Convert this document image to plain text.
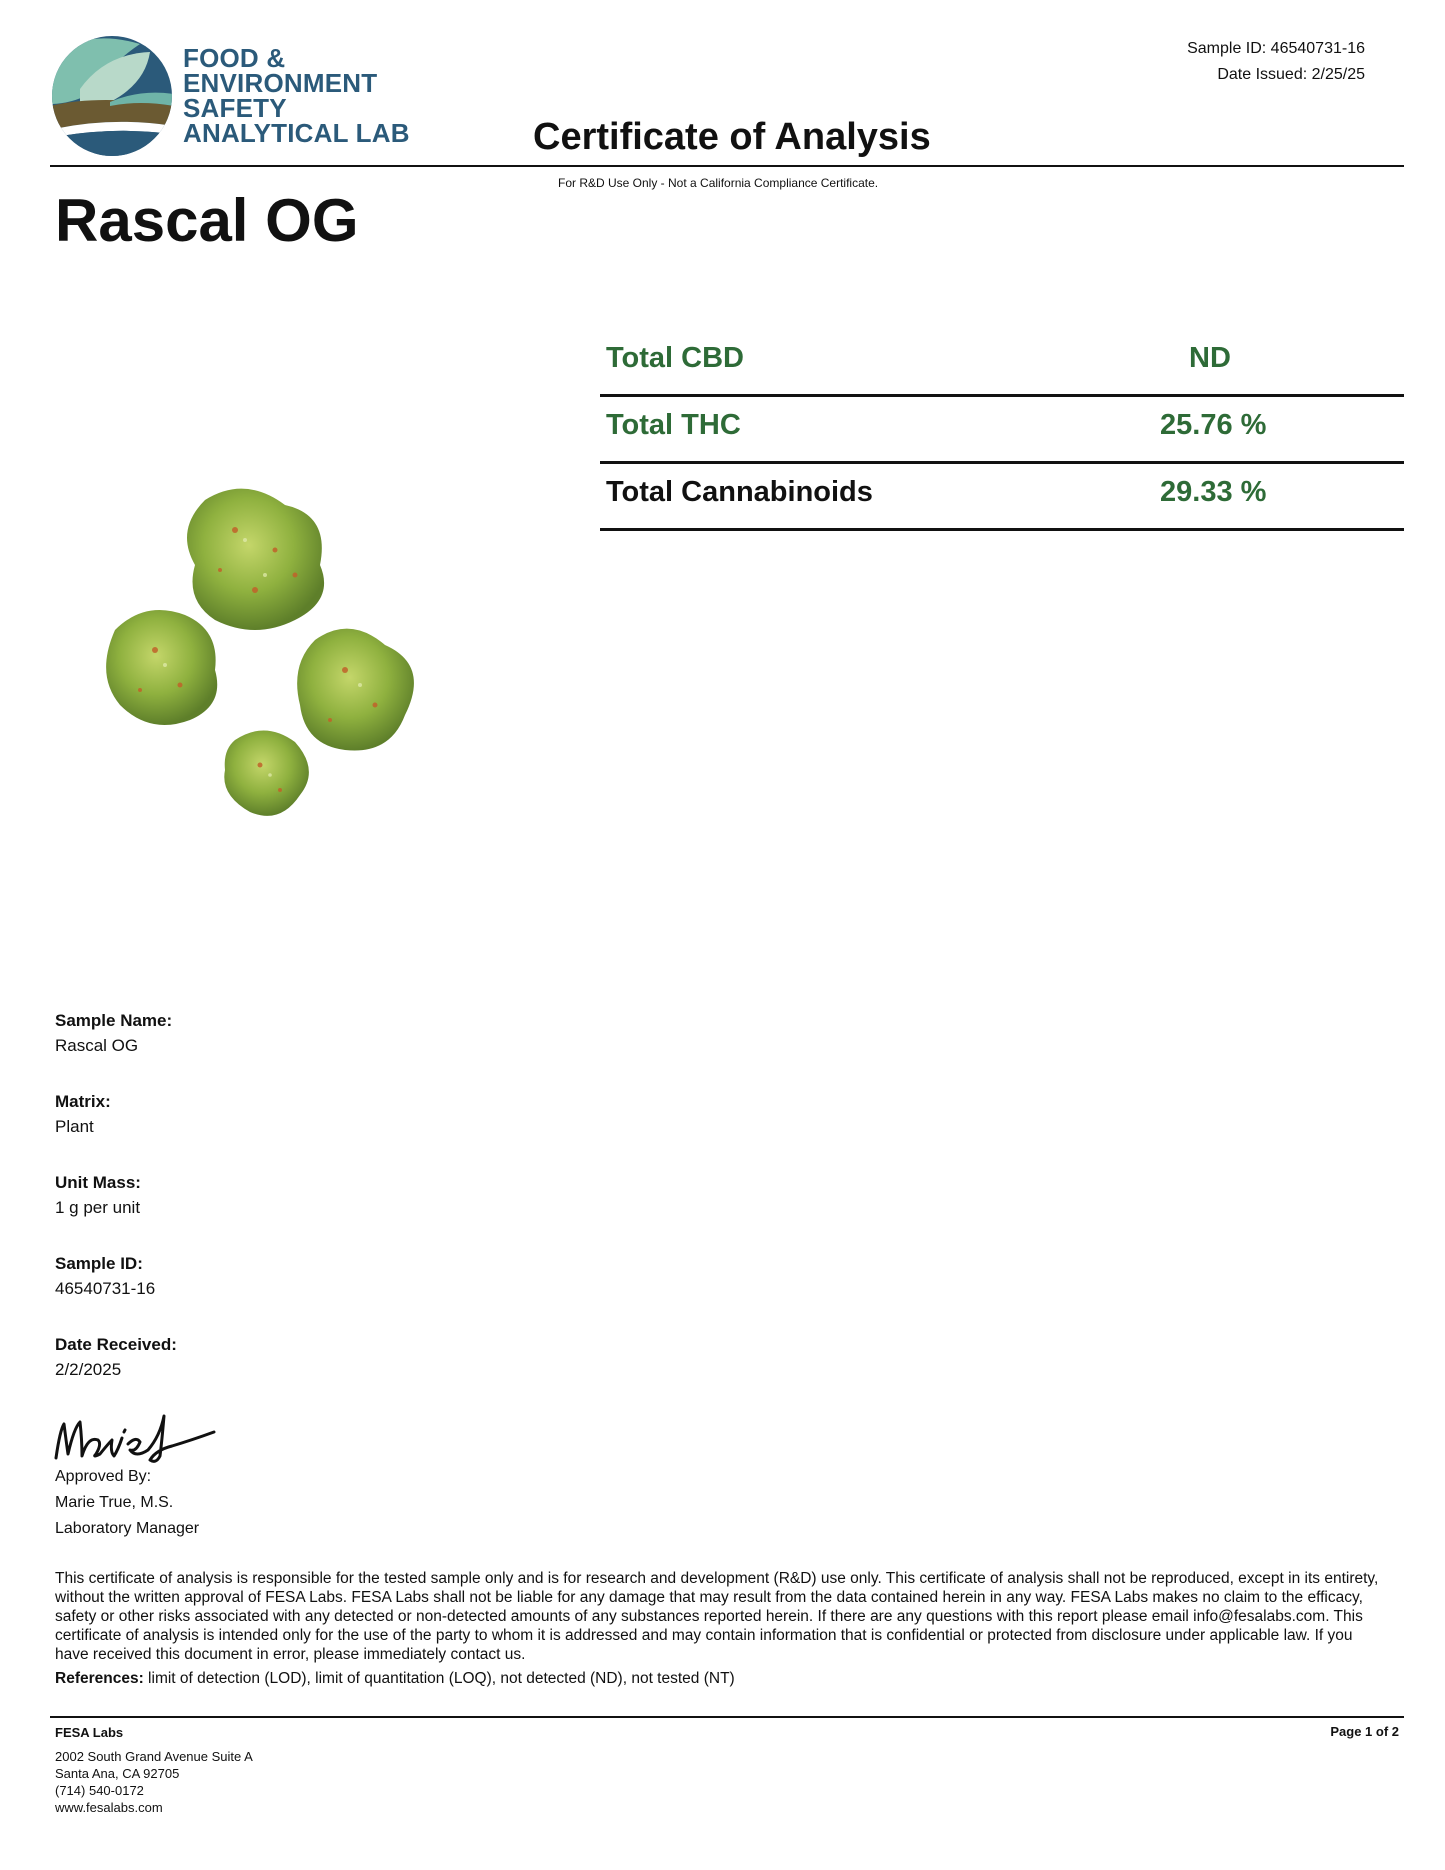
FOOD &
ENVIRONMENT
SAFETY
ANALYTICAL LAB
Sample ID: 46540731-16
Date Issued: 2/25/25
Certificate of Analysis
For R&D Use Only - Not a California Compliance Certificate.
Rascal OG
Total CBD	ND
Total THC	25.76 %
Total Cannabinoids	29.33 %
Sample Name:
Rascal OG
Matrix:
Plant
Unit Mass:
1 g per unit
Sample ID:
46540731-16
Date Received:
2/2/2025
Approved By:
Marie True, M.S.
Laboratory Manager
This certificate of analysis is responsible for the tested sample only and is for research and development (R&D) use only. This certificate of analysis shall not be reproduced, except in its entirety, without the written approval of FESA Labs. FESA Labs shall not be liable for any damage that may result from the data contained herein in any way. FESA Labs makes no claim to the efficacy, safety or other risks associated with any detected or non-detected amounts of any substances reported herein. If there are any questions with this report please email info@fesalabs.com. This certificate of analysis is intended only for the use of the party to whom it is addressed and may contain information that is confidential or protected from disclosure under applicable law. If you have received this document in error, please immediately contact us.
References: limit of detection (LOD), limit of quantitation (LOQ), not detected (ND), not tested (NT)
FESA Labs
2002 South Grand Avenue Suite A
Santa Ana, CA 92705
(714) 540-0172
www.fesalabs.com
Page 1 of 2
